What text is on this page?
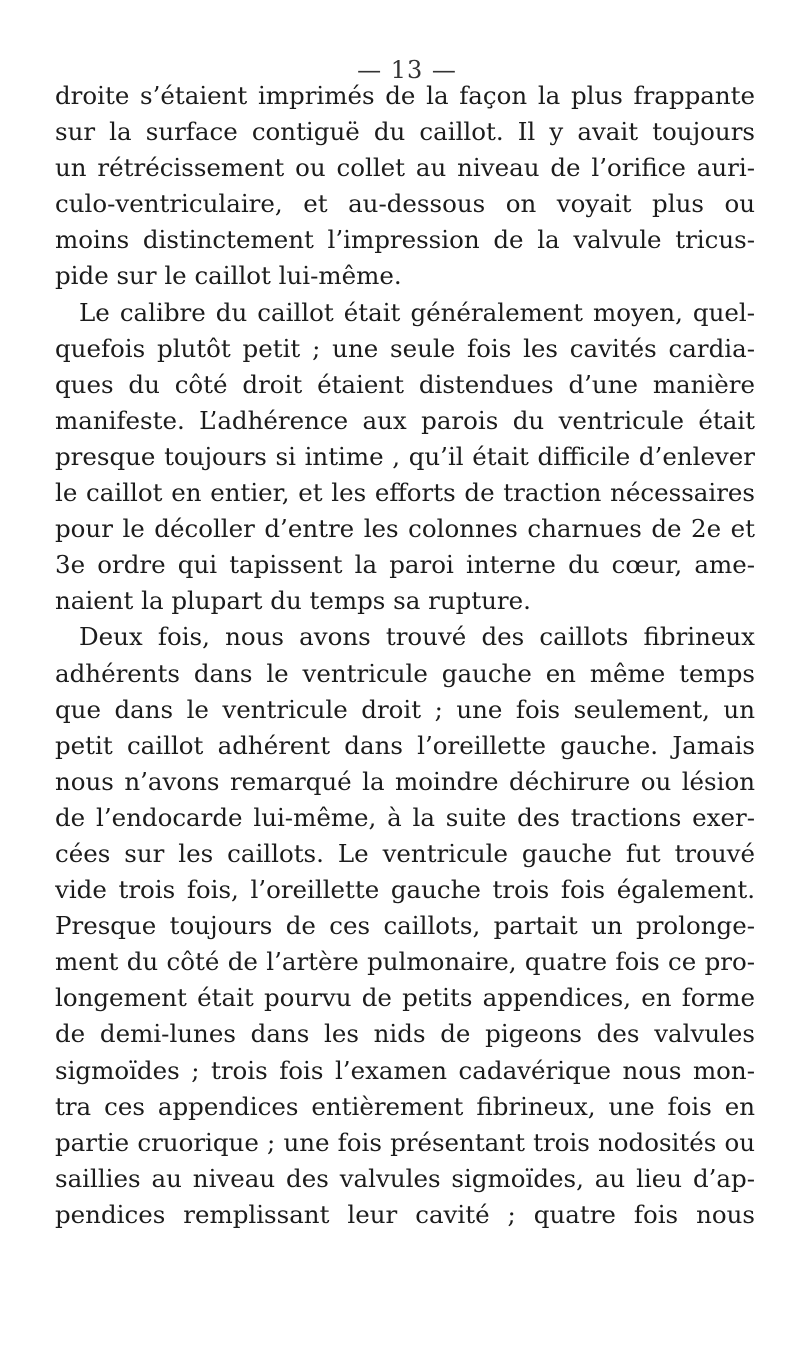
— 13 —
droite s’étaient imprimés de la façon la plus frappante
sur la surface contiguë du caillot. Il y avait toujours
un rétrécissement ou collet au niveau de l’orifice auri-
culo-ventriculaire, et au-dessous on voyait plus ou
moins distinctement l’impression de la valvule tricus-
pide sur le caillot lui-même.
Le calibre du caillot était généralement moyen, quel-
quefois plutôt petit ; une seule fois les cavités cardia-
ques du côté droit étaient distendues d’une manière
manifeste. L’adhérence aux parois du ventricule était
presque toujours si intime , qu’il était difficile d’enlever
le caillot en entier, et les efforts de traction nécessaires
pour le décoller d’entre les colonnes charnues de 2e et
3e ordre qui tapissent la paroi interne du cœur, ame-
naient la plupart du temps sa rupture.
Deux fois, nous avons trouvé des caillots fibrineux
adhérents dans le ventricule gauche en même temps
que dans le ventricule droit ; une fois seulement, un
petit caillot adhérent dans l’oreillette gauche. Jamais
nous n’avons remarqué la moindre déchirure ou lésion
de l’endocarde lui-même, à la suite des tractions exer-
cées sur les caillots. Le ventricule gauche fut trouvé
vide trois fois, l’oreillette gauche trois fois également.
Presque toujours de ces caillots, partait un prolonge-
ment du côté de l’artère pulmonaire, quatre fois ce pro-
longement était pourvu de petits appendices, en forme
de demi-lunes dans les nids de pigeons des valvules
sigmoïdes ; trois fois l’examen cadavérique nous mon-
tra ces appendices entièrement fibrineux, une fois en
partie cruorique ; une fois présentant trois nodosités ou
saillies au niveau des valvules sigmoïdes, au lieu d’ap-
pendices remplissant leur cavité ; quatre fois nous
